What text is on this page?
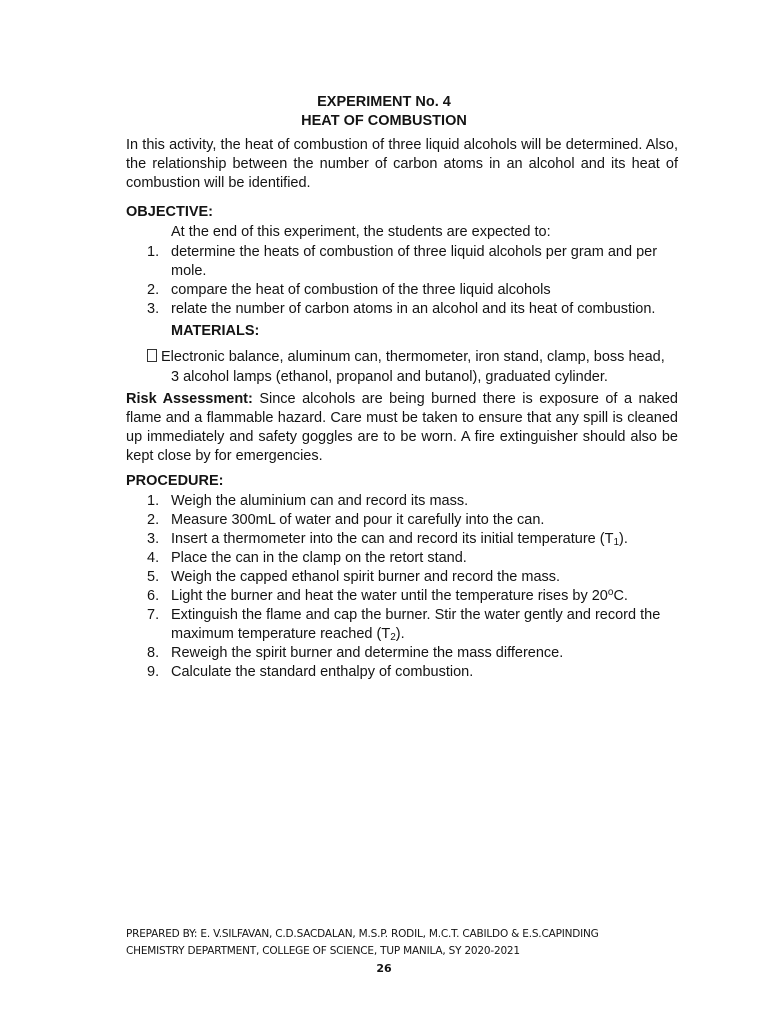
EXPERIMENT No. 4
HEAT OF COMBUSTION
In this activity, the heat of combustion of three liquid alcohols will be determined. Also, the relationship between the number of carbon atoms in an alcohol and its heat of combustion will be identified.
OBJECTIVE:
At the end of this experiment, the students are expected to:
1. determine the heats of combustion of three liquid alcohols per gram and per
mole.
2. compare the heat of combustion of the three liquid alcohols
3. relate the number of carbon atoms in an alcohol and its heat of combustion.
MATERIALS:
Electronic balance, aluminum can, thermometer, iron stand, clamp, boss head,
3 alcohol lamps (ethanol, propanol and butanol), graduated cylinder.
Risk Assessment: Since alcohols are being burned there is exposure of a naked flame and a flammable hazard. Care must be taken to ensure that any spill is cleaned up immediately and safety goggles are to be worn. A fire extinguisher should also be kept close by for emergencies.
PROCEDURE:
1. Weigh the aluminium can and record its mass.
2. Measure 300mL of water and pour it carefully into the can.
3. Insert a thermometer into the can and record its initial temperature $(T_1)$.
4. Place the can in the clamp on the retort stand.
5. Weigh the capped ethanol spirit burner and record the mass.
6. Light the burner and heat the water until the temperature rises by 20$^o$C.
7. Extinguish the flame and cap the burner. Stir the water gently and record the
maximum temperature reached $(T_2)$.
8. Reweigh the spirit burner and determine the mass difference.
9. Calculate the standard enthalpy of combustion.
PREPARED BY: E. V.SILFAVAN, C.D.SACDALAN, M.S.P. RODIL, M.C.T. CABILDO & E.S.CAPINDING
CHEMISTRY DEPARTMENT, COLLEGE OF SCIENCE, TUP MANILA, SY 2020-2021
26
